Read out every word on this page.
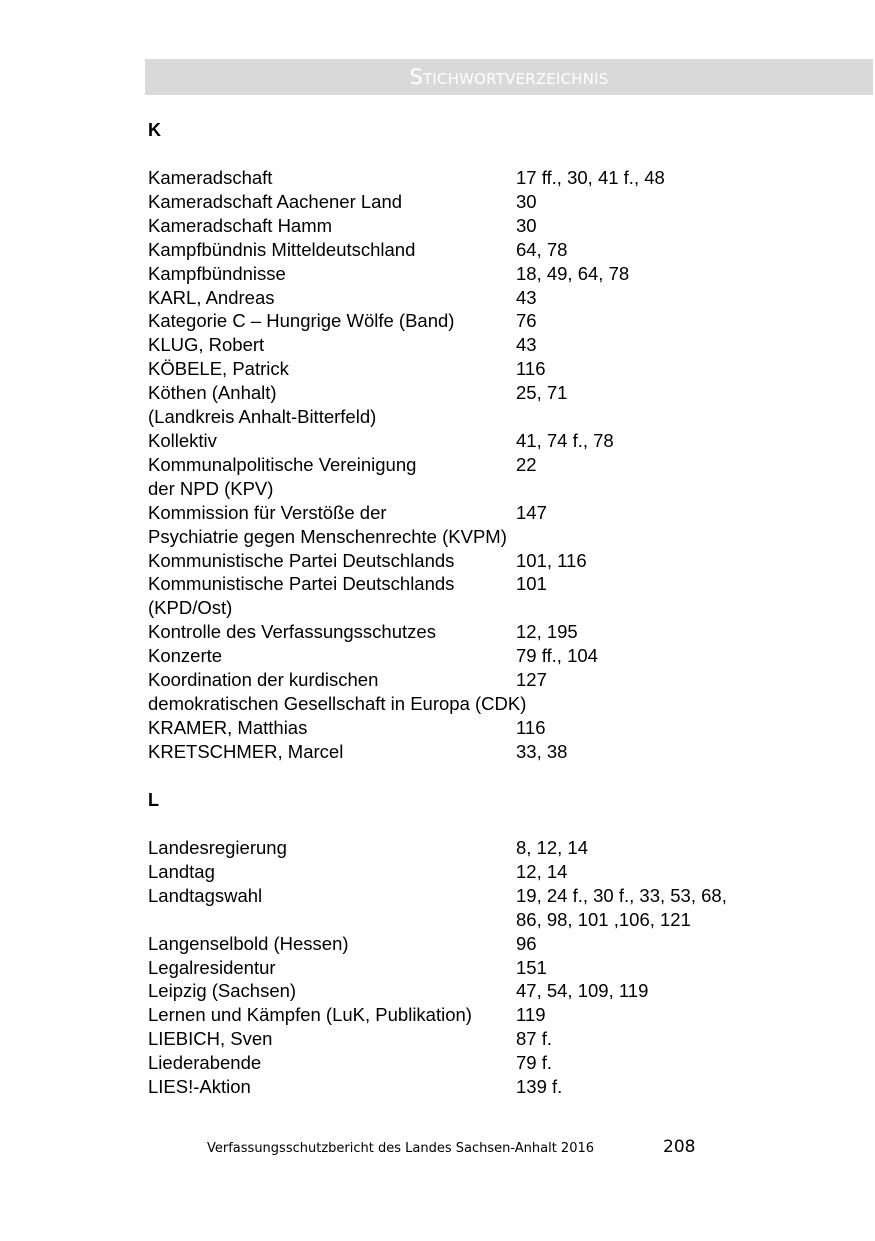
Stichwortverzeichnis
K
Kameradschaft	17 ff., 30, 41 f., 48
Kameradschaft Aachener Land	30
Kameradschaft Hamm	30
Kampfbündnis Mitteldeutschland	64, 78
Kampfbündnisse	18, 49, 64, 78
KARL, Andreas	43
Kategorie C – Hungrige Wölfe (Band)	76
KLUG, Robert	43
KÖBELE, Patrick	116
Köthen (Anhalt)	25, 71
(Landkreis Anhalt-Bitterfeld)
Kollektiv	41, 74 f., 78
Kommunalpolitische Vereinigung	22
der NPD (KPV)
Kommission für Verstöße der	147
Psychiatrie gegen Menschenrechte (KVPM)
Kommunistische Partei Deutschlands	101, 116
Kommunistische Partei Deutschlands	101
(KPD/Ost)
Kontrolle des Verfassungsschutzes	12, 195
Konzerte	79 ff., 104
Koordination der kurdischen	127
demokratischen Gesellschaft in Europa (CDK)
KRAMER, Matthias	116
KRETSCHMER, Marcel	33, 38
L
Landesregierung	8, 12, 14
Landtag	12, 14
Landtagswahl	19, 24 f., 30 f., 33, 53, 68,
86, 98, 101 ,106, 121
Langenselbold (Hessen)	96
Legalresidentur	151
Leipzig (Sachsen)	47, 54, 109, 119
Lernen und Kämpfen (LuK, Publikation)	119
LIEBICH, Sven	87 f.
Liederabende	79 f.
LIES!-Aktion	139 f.
Verfassungsschutzbericht des Landes Sachsen-Anhalt 2016	208
